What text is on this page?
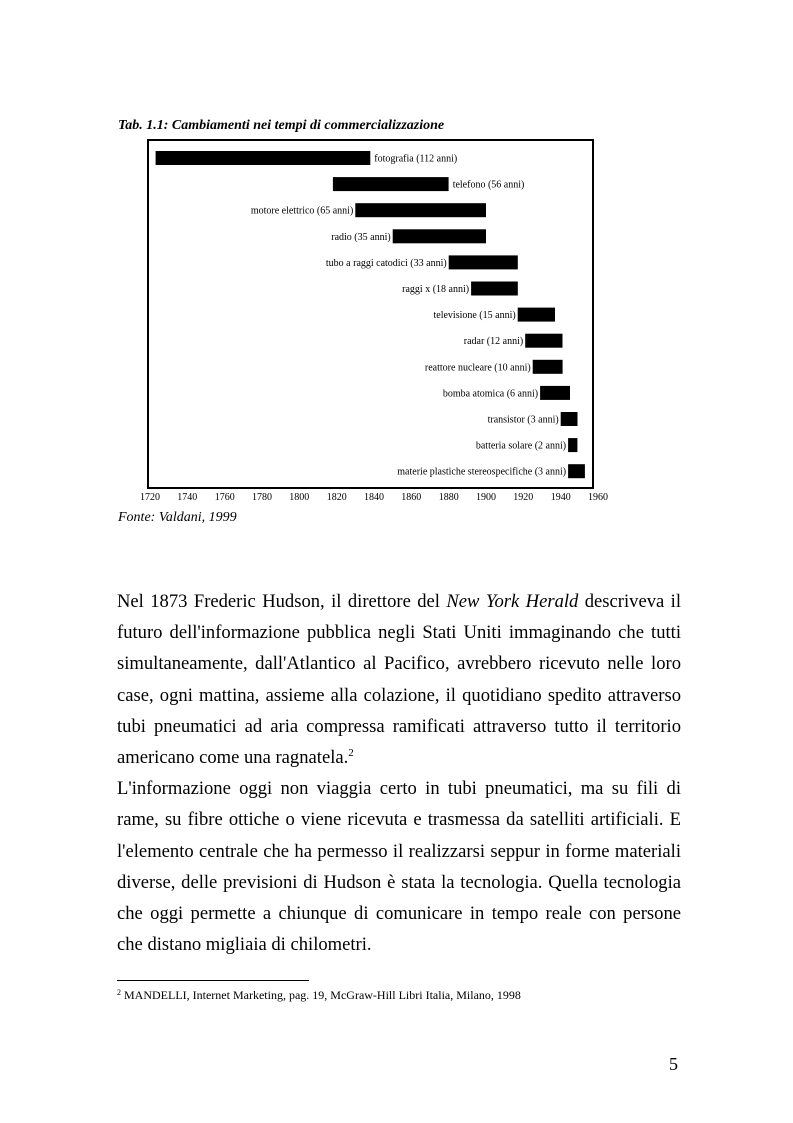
Tab. 1.1: Cambiamenti nei tempi di commercializzazione
fotografia (112 anni)
telefono (56 anni)
motore elettrico (65 anni)
radio (35 anni)
tubo a raggi catodici (33 anni)
raggi x (18 anni)
televisione (15 anni)
radar (12 anni)
reattore nucleare (10 anni)
bomba atomica (6 anni)
transistor (3 anni)
batteria solare (2 anni)
materie plastiche stereospecifiche (3 anni)
1720 1740 1760 1780 1800 1820 1840 1860 1880 1900 1920 1940 1960
Fonte: Valdani, 1999

Nel 1873 Frederic Hudson, il direttore del New York Herald descriveva il futuro dell'informazione pubblica negli Stati Uniti immaginando che tutti simultaneamente, dall'Atlantico al Pacifico, avrebbero ricevuto nelle loro case, ogni mattina, assieme alla colazione, il quotidiano spedito attraverso tubi pneumatici ad aria compressa ramificati attraverso tutto il territorio americano come una ragnatela.$^2$

L'informazione oggi non viaggia certo in tubi pneumatici, ma su fili di rame, su fibre ottiche o viene ricevuta e trasmessa da satelliti artificiali. E l'elemento centrale che ha permesso il realizzarsi seppur in forme materiali diverse, delle previsioni di Hudson è stata la tecnologia. Quella tecnologia che oggi permette a chiunque di comunicare in tempo reale con persone che distano migliaia di chilometri.

$^2$ MANDELLI, Internet Marketing, pag. 19, McGraw-Hill Libri Italia, Milano, 1998
5
